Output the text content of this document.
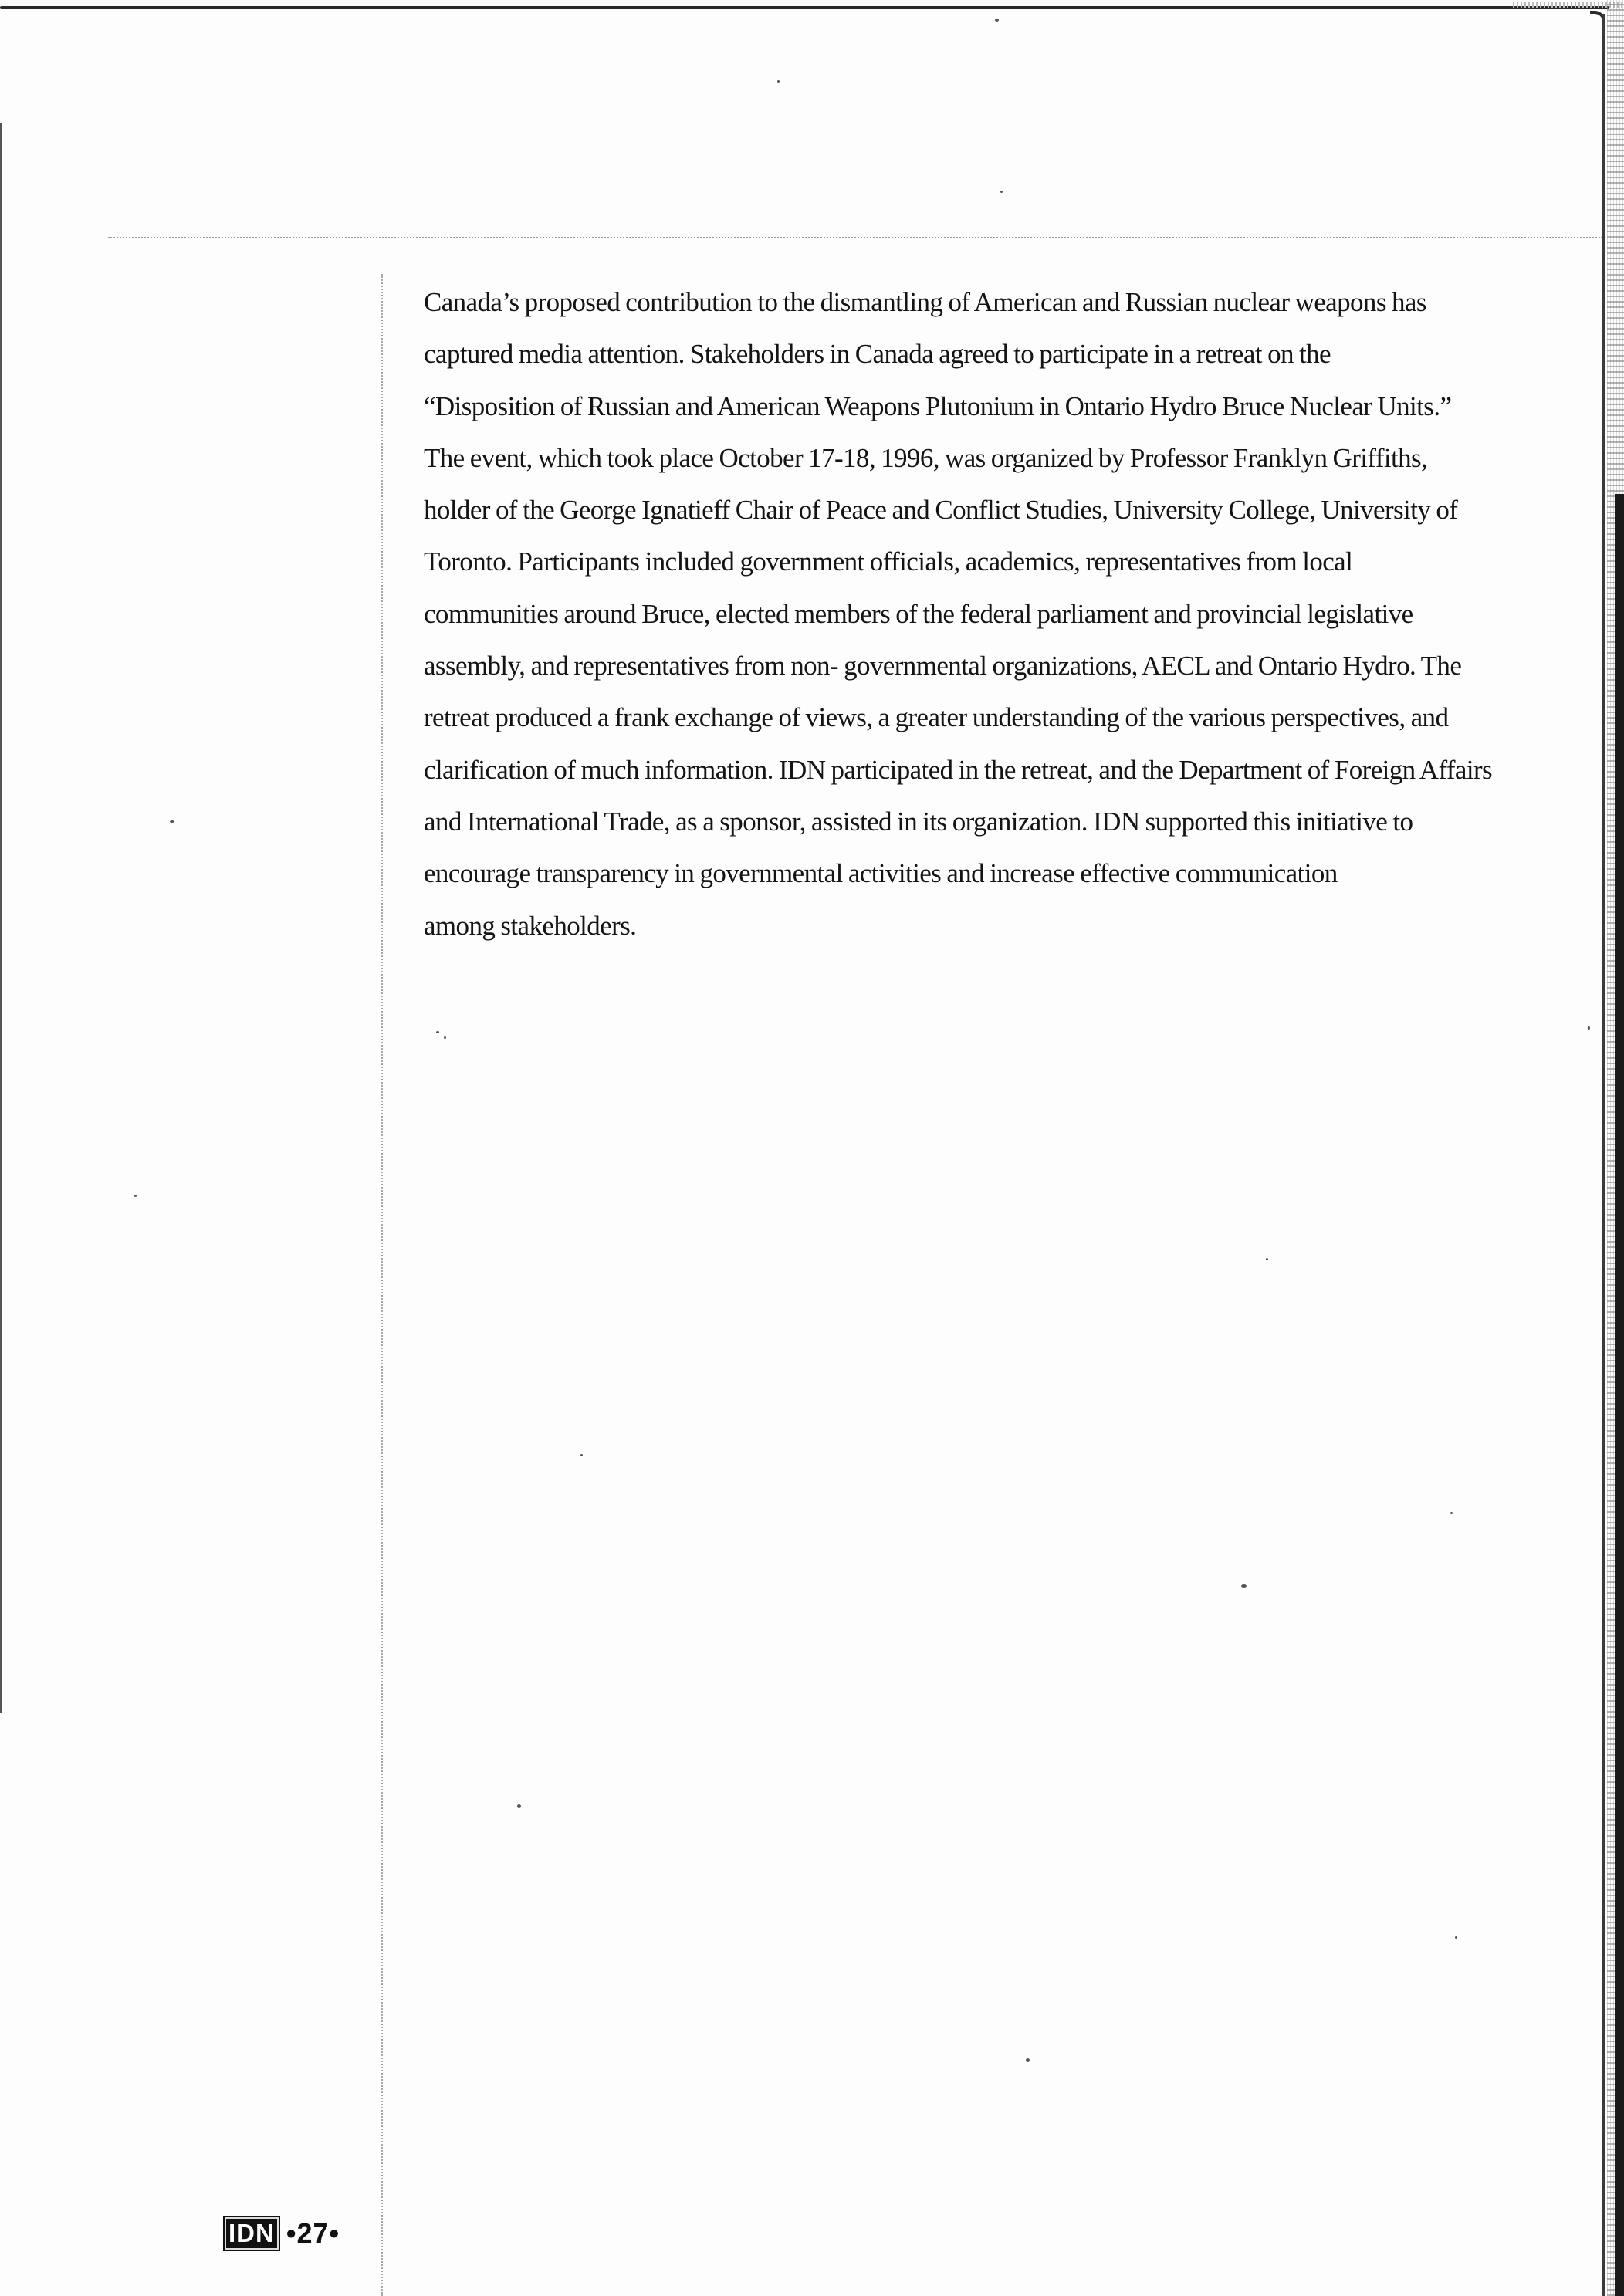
Canada’s proposed contribution to the dismantling of American and Russian nuclear weapons has
captured media attention. Stakeholders in Canada agreed to participate in a retreat on the
“Disposition of Russian and American Weapons Plutonium in Ontario Hydro Bruce Nuclear Units.”
The event, which took place October 17-18, 1996, was organized by Professor Franklyn Griffiths,
holder of the George Ignatieff Chair of Peace and Conflict Studies, University College, University of
Toronto. Participants included government officials, academics, representatives from local
communities around Bruce, elected members of the federal parliament and provincial legislative
assembly, and representatives from non- governmental organizations, AECL and Ontario Hydro. The
retreat produced a frank exchange of views, a greater understanding of the various perspectives, and
clarification of much information. IDN participated in the retreat, and the Department of Foreign Affairs
and International Trade, as a sponsor, assisted in its organization. IDN supported this initiative to
encourage transparency in governmental activities and increase effective communication
among stakeholders.

IDN •27•
